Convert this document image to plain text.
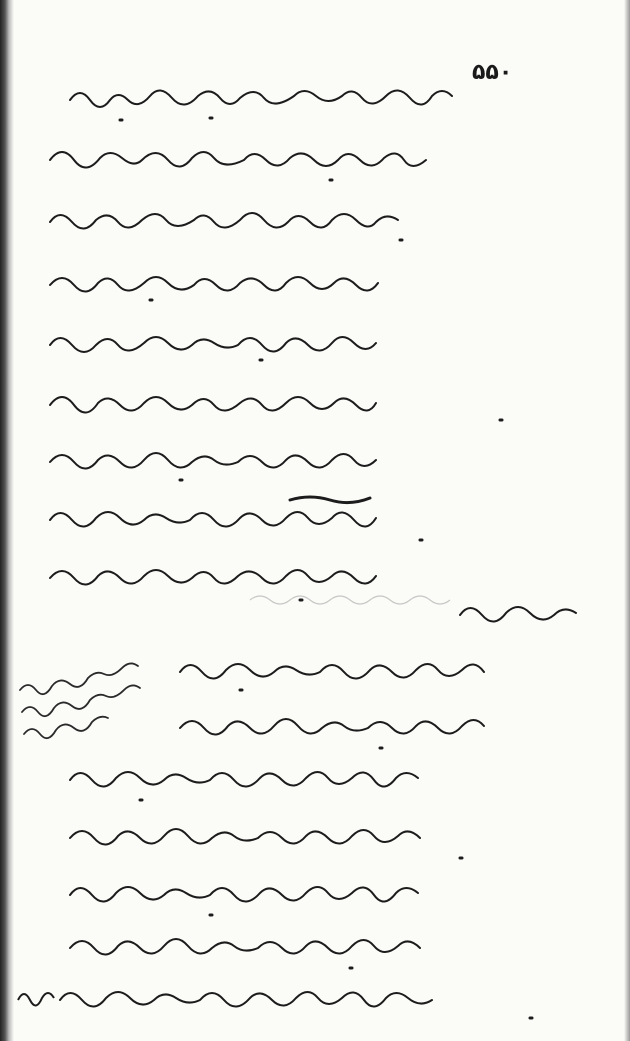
۵۵۰
